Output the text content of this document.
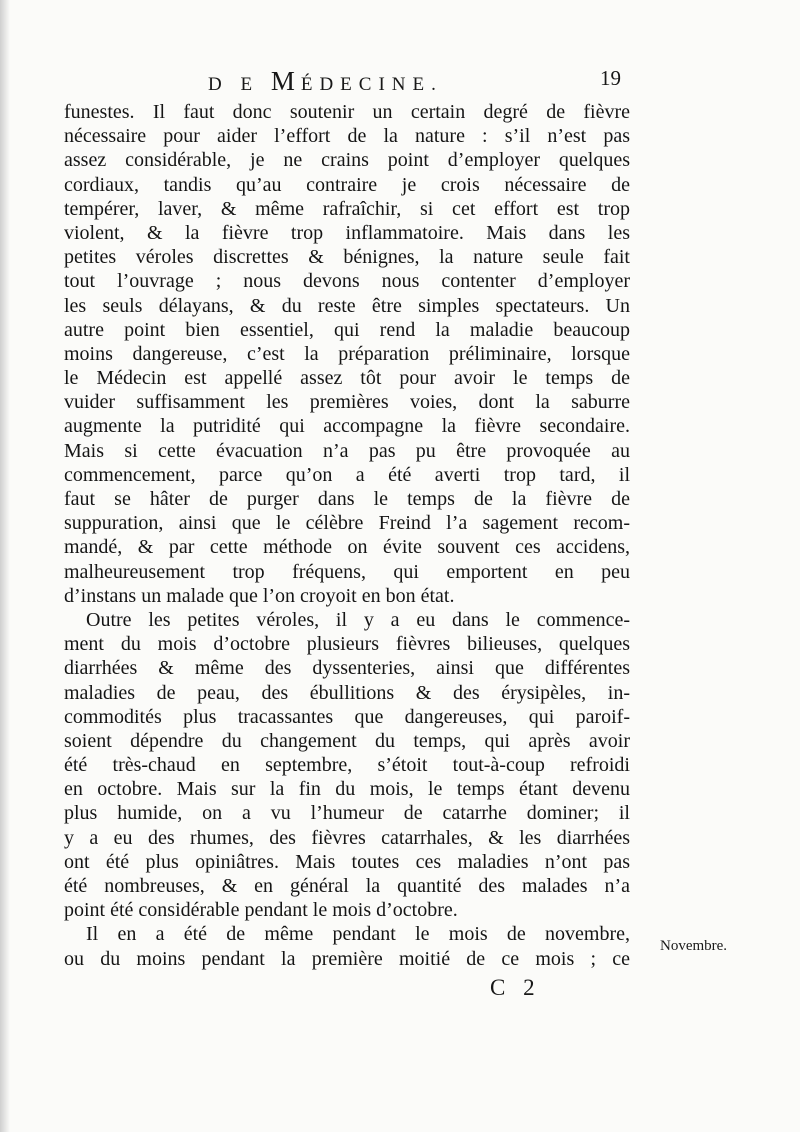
D E MÉDECINE.	19
funestes. Il faut donc soutenir un certain degré de fièvre
nécessaire pour aider l’effort de la nature : s’il n’est pas
assez considérable, je ne crains point d’employer quelques
cordiaux, tandis qu’au contraire je crois nécessaire de
tempérer, laver, & même rafraîchir, si cet effort est trop
violent, & la fièvre trop inflammatoire. Mais dans les
petites véroles discrettes & bénignes, la nature seule fait
tout l’ouvrage ; nous devons nous contenter d’employer
les seuls délayans, & du reste être simples spectateurs. Un
autre point bien essentiel, qui rend la maladie beaucoup
moins dangereuse, c’est la préparation préliminaire, lorsque
le Médecin est appellé assez tôt pour avoir le temps de
vuider suffisamment les premières voies, dont la saburre
augmente la putridité qui accompagne la fièvre secondaire.
Mais si cette évacuation n’a pas pu être provoquée au
commencement, parce qu’on a été averti trop tard, il
faut se hâter de purger dans le temps de la fièvre de
suppuration, ainsi que le célèbre Freind l’a sagement recom-
mandé, & par cette méthode on évite souvent ces accidens,
malheureusement trop fréquens, qui emportent en peu
d’instans un malade que l’on croyoit en bon état.
Outre les petites véroles, il y a eu dans le commence-
ment du mois d’octobre plusieurs fièvres bilieuses, quelques
diarrhées & même des dyssenteries, ainsi que différentes
maladies de peau, des ébullitions & des érysipèles, in-
commodités plus tracassantes que dangereuses, qui paroif-
soient dépendre du changement du temps, qui après avoir
été très-chaud en septembre, s’étoit tout-à-coup refroidi
en octobre. Mais sur la fin du mois, le temps étant devenu
plus humide, on a vu l’humeur de catarrhe dominer; il
y a eu des rhumes, des fièvres catarrhales, & les diarrhées
ont été plus opiniâtres. Mais toutes ces maladies n’ont pas
été nombreuses, & en général la quantité des malades n’a
point été considérable pendant le mois d’octobre.
Il en a été de même pendant le mois de novembre,
ou du moins pendant la première moitié de ce mois ; ce
Novembre.
C 2
